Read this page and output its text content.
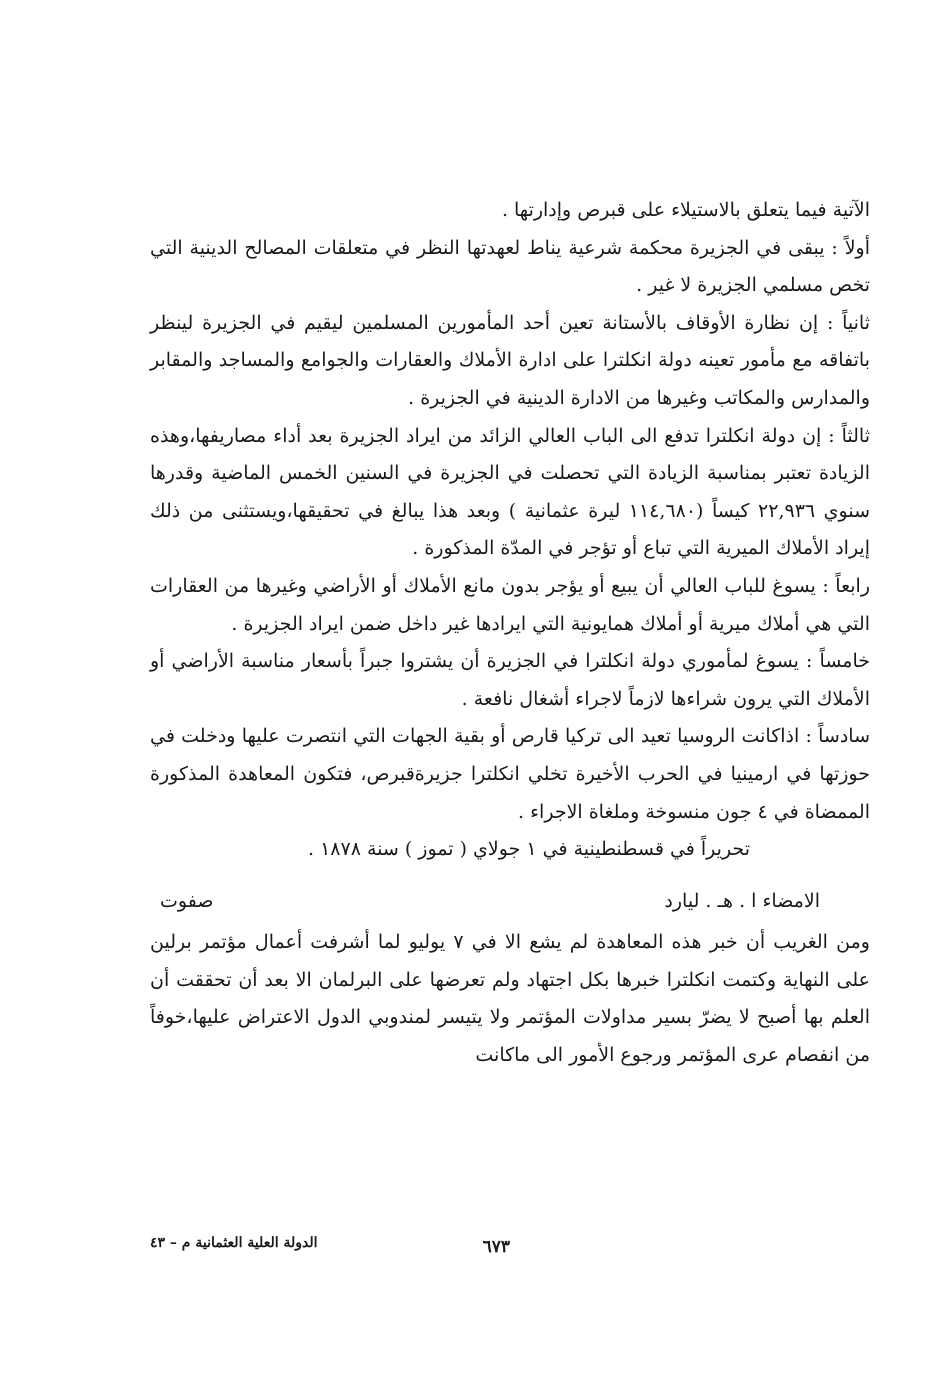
الآتية فيما يتعلق بالاستيلاء على قبرص وإدارتها .

أولاً : يبقى في الجزيرة محكمة شرعية يناط لعهدتها النظر في متعلقات المصالح الدينية التي تخص مسلمي الجزيرة لا غير .

ثانياً : إن نظارة الأوقاف بالأستانة تعين أحد المأمورين المسلمين ليقيم في الجزيرة لينظر باتفاقه مع مأمور تعينه دولة انكلترا على ادارة الأملاك والعقارات والجوامع والمساجد والمقابر والمدارس والمكاتب وغيرها من الادارة الدينية في الجزيرة .

ثالثاً : إن دولة انكلترا تدفع الى الباب العالي الزائد من ايراد الجزيرة بعد أداء مصاريفها،وهذه الزيادة تعتبر بمناسبة الزيادة التي تحصلت في الجزيرة في السنين الخمس الماضية وقدرها سنوي ٢٢,٩٣٦ كيساً (١١٤,٦٨٠ ليرة عثمانية ) وبعد هذا يبالغ في تحقيقها،ويستثنى من ذلك إيراد الأملاك الميرية التي تباع أو تؤجر في المدّة المذكورة .

رابعاً : يسوغ للباب العالي أن يبيع أو يؤجر بدون مانع الأملاك أو الأراضي وغيرها من العقارات التي هي أملاك ميرية أو أملاك همايونية التي ايرادها غير داخل ضمن ايراد الجزيرة .

خامساً : يسوغ لمأموري دولة انكلترا في الجزيرة أن يشتروا جبراً بأسعار مناسبة الأراضي أو الأملاك التي يرون شراءها لازماً لاجراء أشغال نافعة .

سادساً : اذاكانت الروسيا تعيد الى تركيا قارص أو بقية الجهات التي انتصرت عليها ودخلت في حوزتها في ارمينيا في الحرب الأخيرة تخلي انكلترا جزيرةقبرص، فتكون المعاهدة المذكورة الممضاة في ٤ جون منسوخة وملغاة الاجراء .

تحريراً في قسطنطينية في ١ جولاي ( تموز ) سنة ١٨٧٨ .

الامضاء ا . هـ . ليارد
صفوت

ومن الغريب أن خبر هذه المعاهدة لم يشع الا في ٧ يوليو لما أشرفت أعمال مؤتمر برلين على النهاية وكتمت انكلترا خبرها بكل اجتهاد ولم تعرضها على البرلمان الا بعد أن تحققت أن العلم بها أصبح لا يضرّ بسير مداولات المؤتمر ولا يتيسر لمندوبي الدول الاعتراض عليها،خوفاً من انفصام عرى المؤتمر ورجوع الأمور الى ماكانت

٦٧٣
الدولة العلية العثمانية م – ٤٣
